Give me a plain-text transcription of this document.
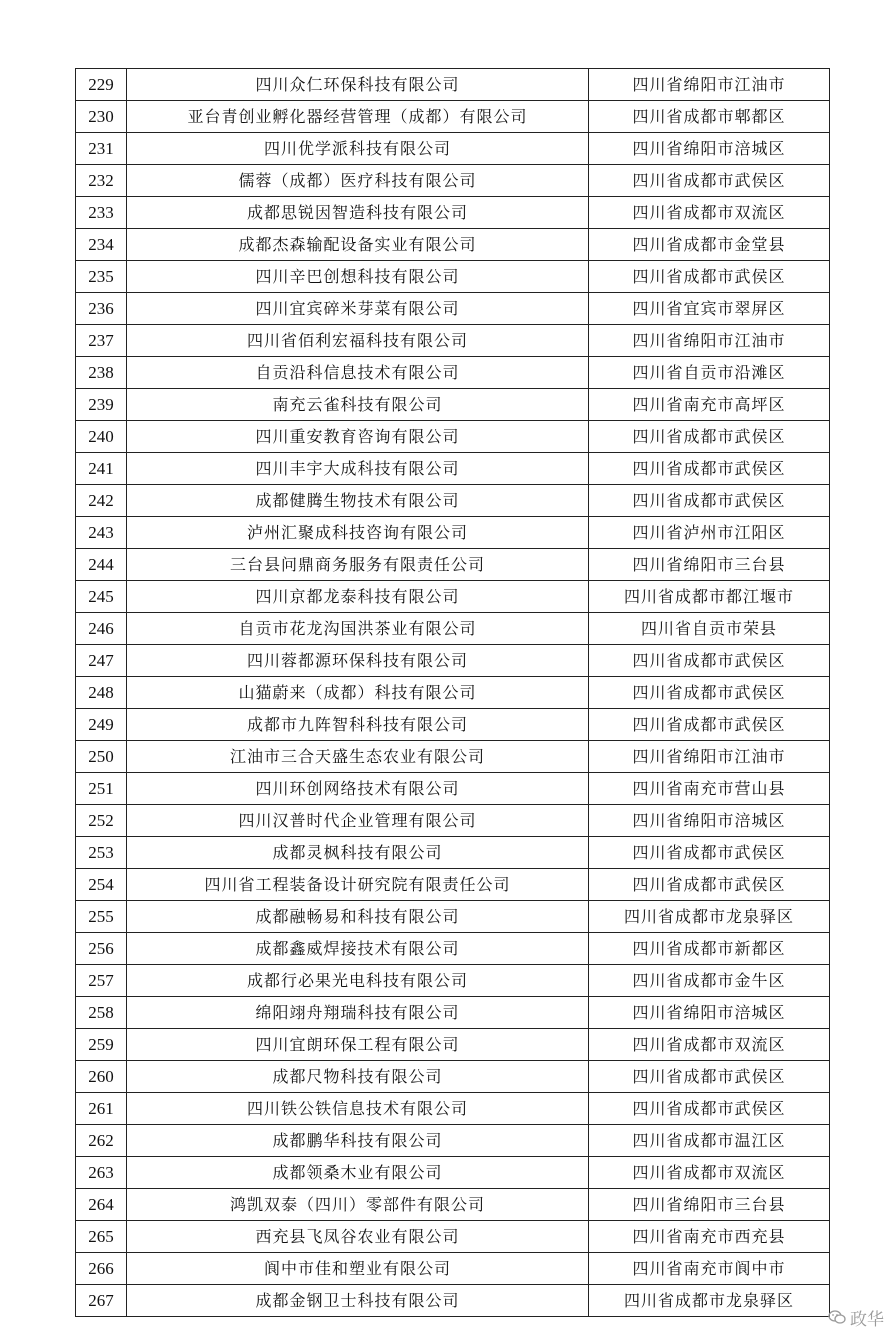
229	四川众仁环保科技有限公司	四川省绵阳市江油市
230	亚台青创业孵化器经营管理（成都）有限公司	四川省成都市郫都区
231	四川优学派科技有限公司	四川省绵阳市涪城区
232	儒蓉（成都）医疗科技有限公司	四川省成都市武侯区
233	成都思锐因智造科技有限公司	四川省成都市双流区
234	成都杰森输配设备实业有限公司	四川省成都市金堂县
235	四川辛巴创想科技有限公司	四川省成都市武侯区
236	四川宜宾碎米芽菜有限公司	四川省宜宾市翠屏区
237	四川省佰利宏福科技有限公司	四川省绵阳市江油市
238	自贡沿科信息技术有限公司	四川省自贡市沿滩区
239	南充云雀科技有限公司	四川省南充市高坪区
240	四川重安教育咨询有限公司	四川省成都市武侯区
241	四川丰宇大成科技有限公司	四川省成都市武侯区
242	成都健腾生物技术有限公司	四川省成都市武侯区
243	泸州汇聚成科技咨询有限公司	四川省泸州市江阳区
244	三台县问鼎商务服务有限责任公司	四川省绵阳市三台县
245	四川京都龙泰科技有限公司	四川省成都市都江堰市
246	自贡市花龙沟国洪茶业有限公司	四川省自贡市荣县
247	四川蓉都源环保科技有限公司	四川省成都市武侯区
248	山猫蔚来（成都）科技有限公司	四川省成都市武侯区
249	成都市九阵智科科技有限公司	四川省成都市武侯区
250	江油市三合天盛生态农业有限公司	四川省绵阳市江油市
251	四川环创网络技术有限公司	四川省南充市营山县
252	四川汉普时代企业管理有限公司	四川省绵阳市涪城区
253	成都灵枫科技有限公司	四川省成都市武侯区
254	四川省工程装备设计研究院有限责任公司	四川省成都市武侯区
255	成都融畅易和科技有限公司	四川省成都市龙泉驿区
256	成都鑫威焊接技术有限公司	四川省成都市新都区
257	成都行必果光电科技有限公司	四川省成都市金牛区
258	绵阳翊舟翔瑞科技有限公司	四川省绵阳市涪城区
259	四川宜朗环保工程有限公司	四川省成都市双流区
260	成都尺物科技有限公司	四川省成都市武侯区
261	四川铁公铁信息技术有限公司	四川省成都市武侯区
262	成都鹏华科技有限公司	四川省成都市温江区
263	成都领桑木业有限公司	四川省成都市双流区
264	鸿凯双泰（四川）零部件有限公司	四川省绵阳市三台县
265	西充县飞凤谷农业有限公司	四川省南充市西充县
266	阆中市佳和塑业有限公司	四川省南充市阆中市
267	成都金钢卫士科技有限公司	四川省成都市龙泉驿区
政华
